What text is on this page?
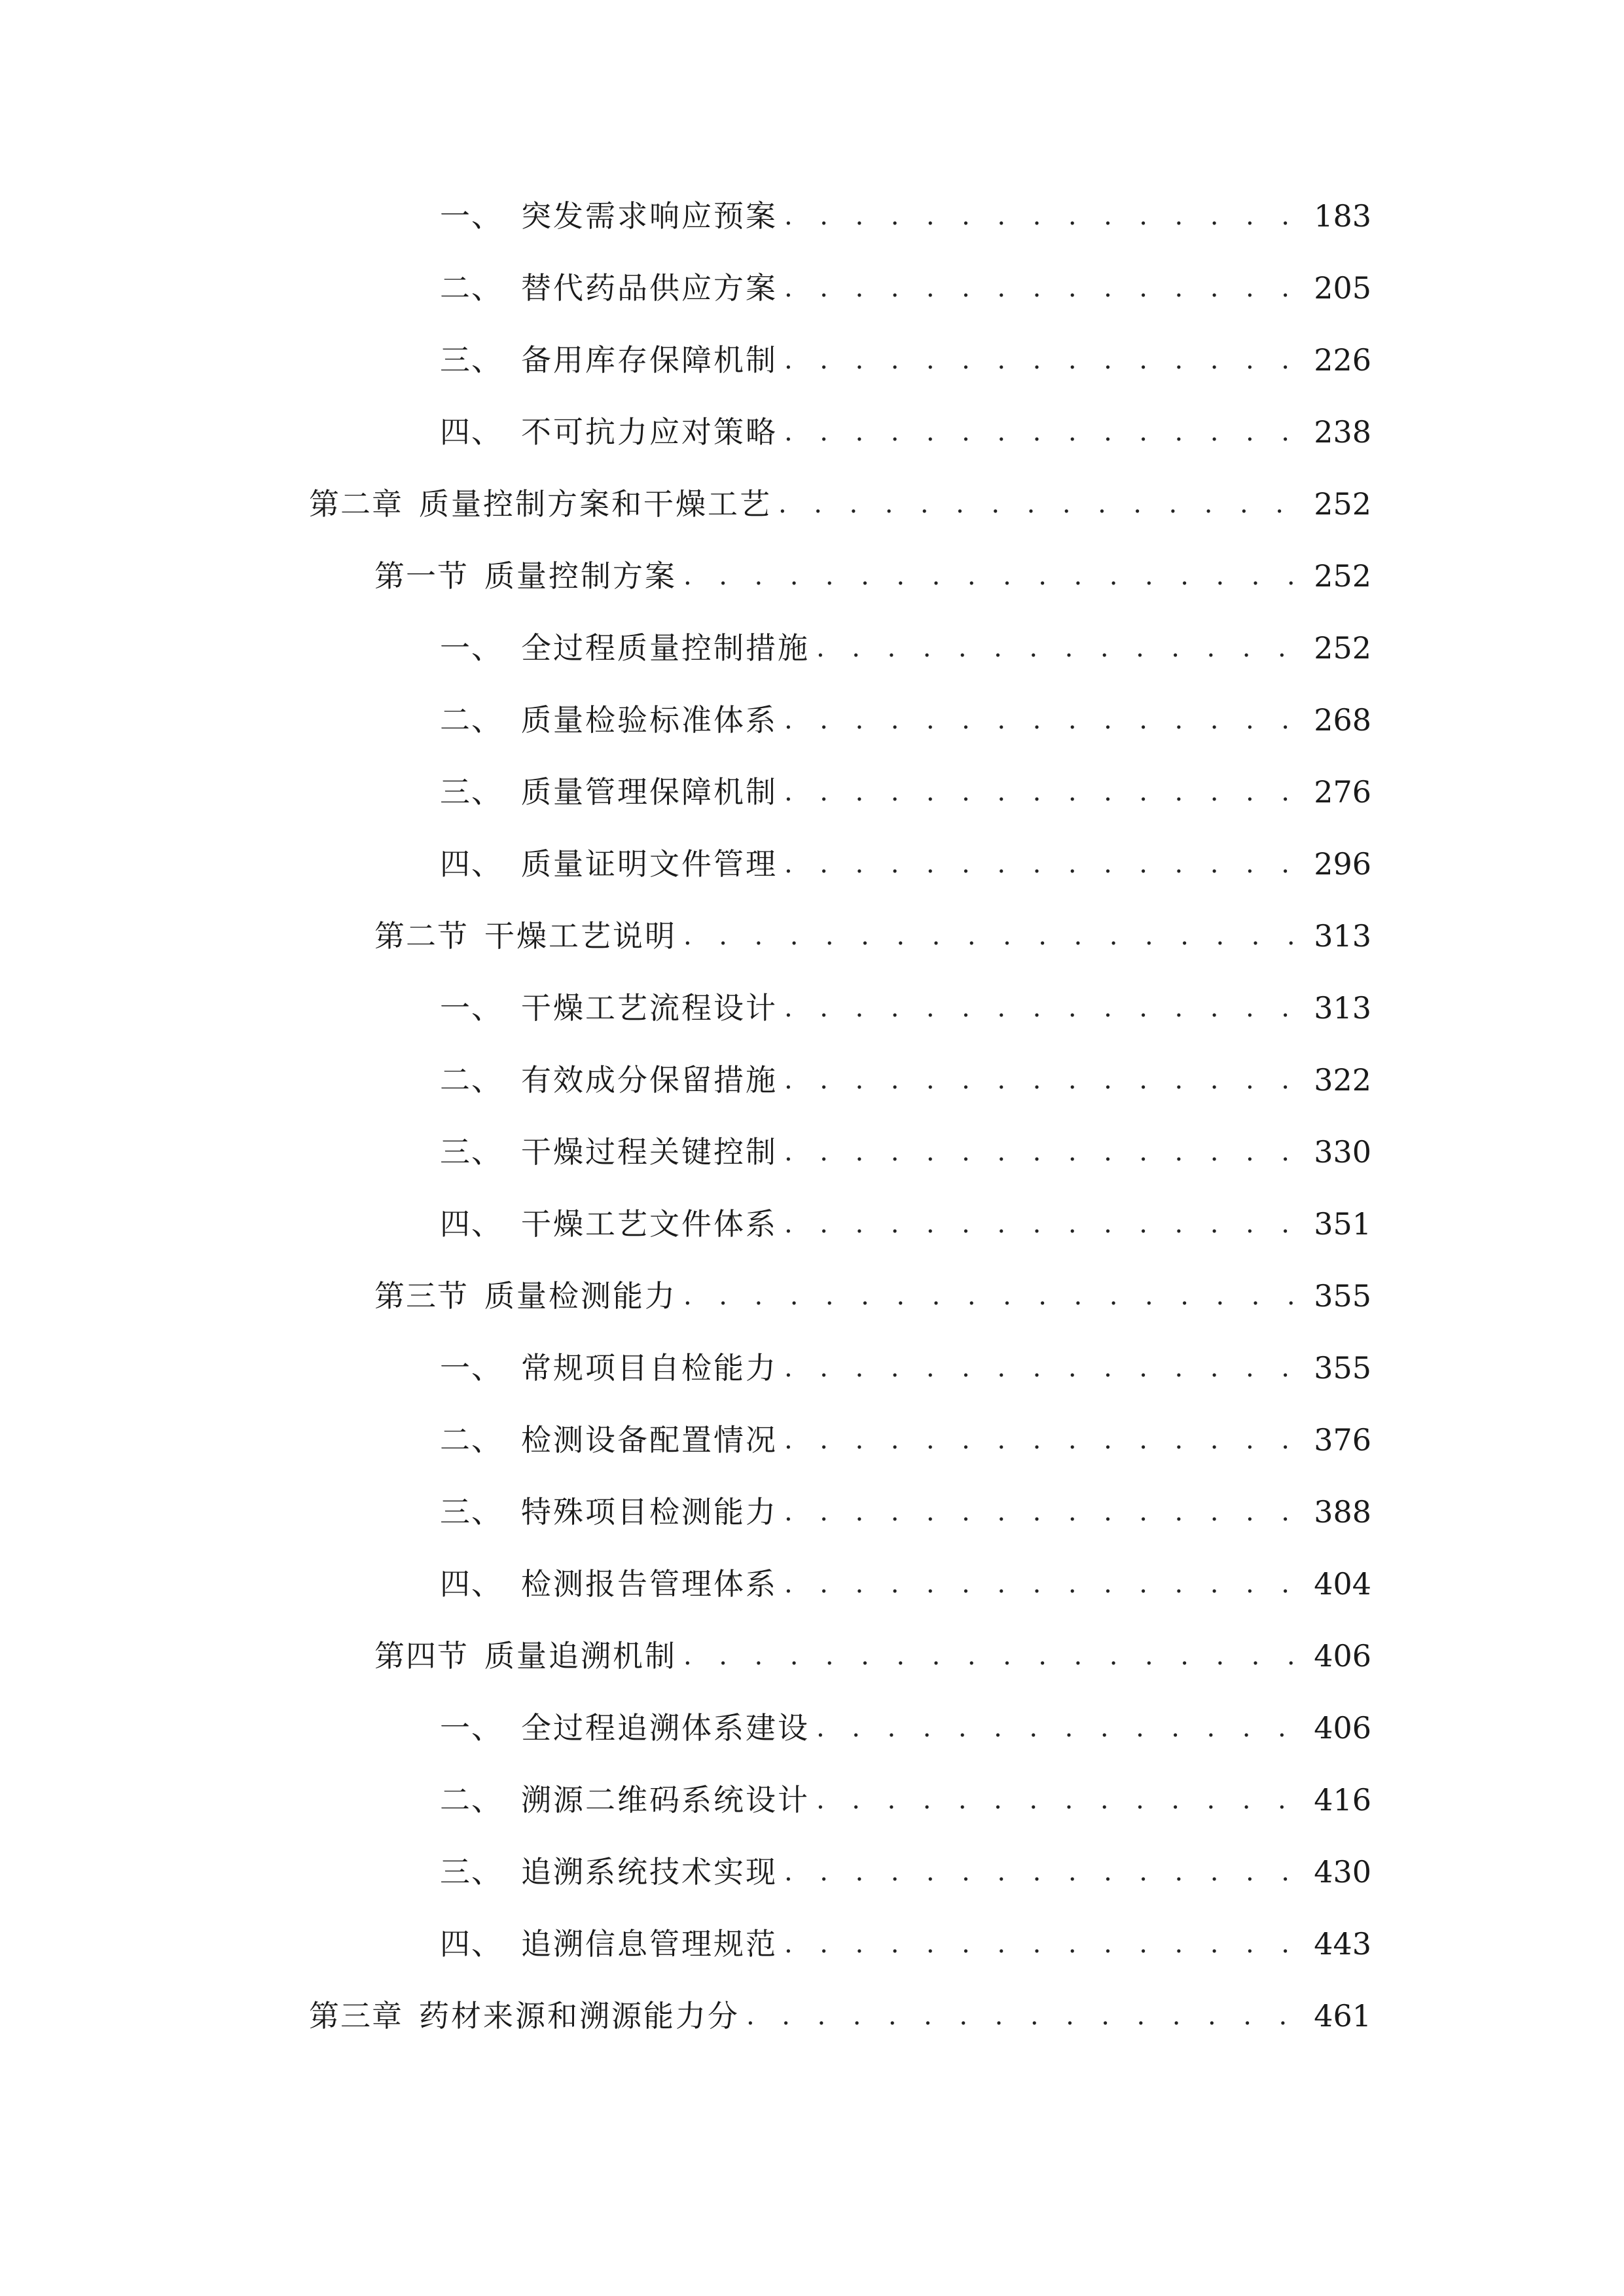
一、 突发需求响应预案 . . .	183
二、 替代药品供应方案 . . .	205
三、 备用库存保障机制 . . .	226
四、 不可抗力应对策略 . . .	238
第二章 质量控制方案和干燥工艺 . . .	252
第一节 质量控制方案 . . .	252
一、 全过程质量控制措施 . . .	252
二、 质量检验标准体系 . . .	268
三、 质量管理保障机制 . . .	276
四、 质量证明文件管理 . . .	296
第二节 干燥工艺说明 . . .	313
一、 干燥工艺流程设计 . . .	313
二、 有效成分保留措施 . . .	322
三、 干燥过程关键控制 . . .	330
四、 干燥工艺文件体系 . . .	351
第三节 质量检测能力 . . .	355
一、 常规项目自检能力 . . .	355
二、 检测设备配置情况 . . .	376
三、 特殊项目检测能力 . . .	388
四、 检测报告管理体系 . . .	404
第四节 质量追溯机制 . . .	406
一、 全过程追溯体系建设 . . .	406
二、 溯源二维码系统设计 . . .	416
三、 追溯系统技术实现 . . .	430
四、 追溯信息管理规范 . . .	443
第三章 药材来源和溯源能力分 . . .	461
